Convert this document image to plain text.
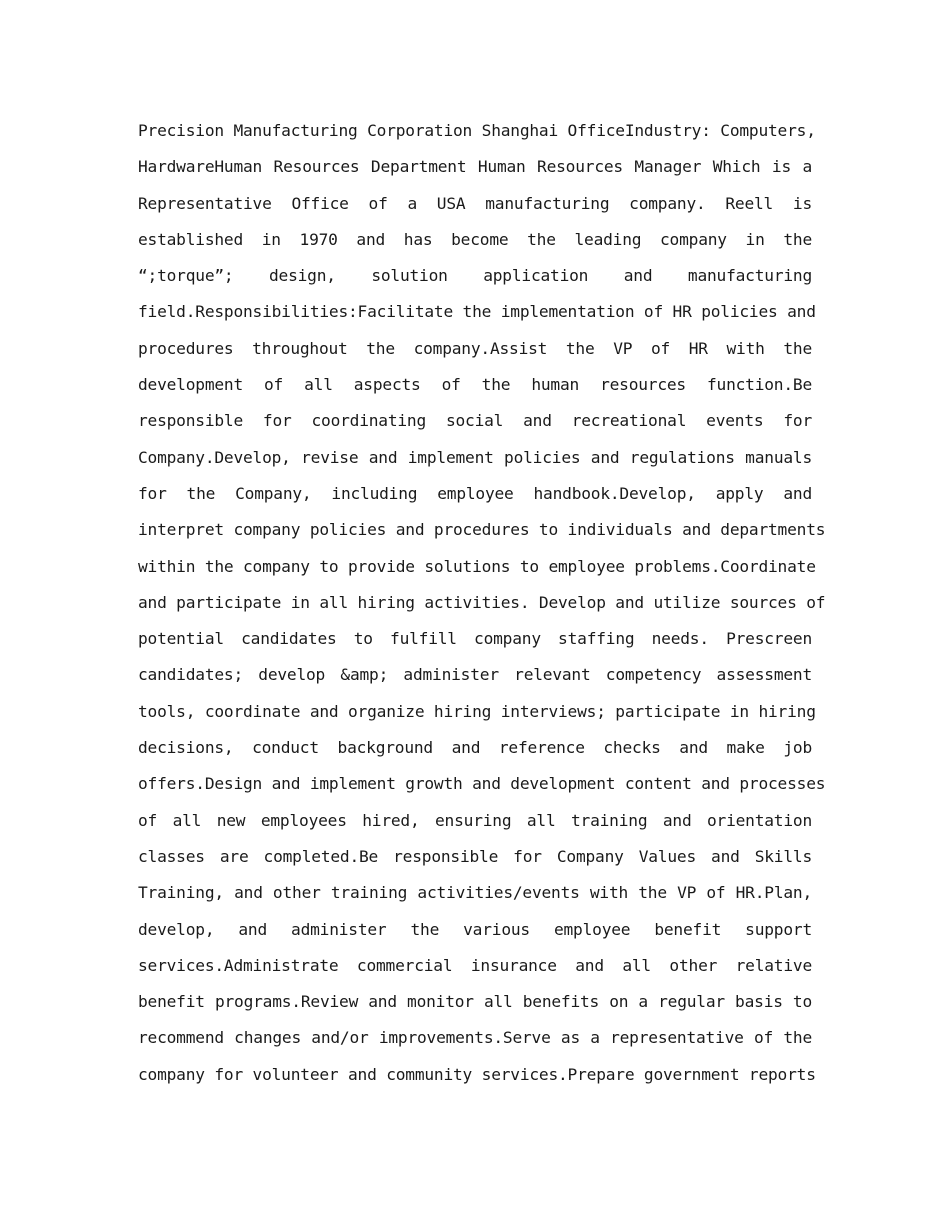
Precision Manufacturing Corporation Shanghai OfficeIndustry: Computers,
HardwareHuman Resources Department Human Resources Manager Which is a
Representative Office of a USA manufacturing company. Reell is
established in 1970 and has become the leading company in the
“;torque”; design, solution application and manufacturing
field.Responsibilities:Facilitate the implementation of HR policies and
procedures throughout the company.Assist the VP of HR with the
development of all aspects of the human resources function.Be
responsible for coordinating social and recreational events for
Company.Develop, revise and implement policies and regulations manuals
for the Company, including employee handbook.Develop, apply and
interpret company policies and procedures to individuals and departments
within the company to provide solutions to employee problems.Coordinate
and participate in all hiring activities. Develop and utilize sources of
potential candidates to fulfill company staffing needs. Prescreen
candidates; develop &amp; administer relevant competency assessment
tools, coordinate and organize hiring interviews; participate in hiring
decisions, conduct background and reference checks and make job
offers.Design and implement growth and development content and processes
of all new employees hired, ensuring all training and orientation
classes are completed.Be responsible for Company Values and Skills
Training, and other training activities/events with the VP of HR.Plan,
develop, and administer the various employee benefit support
services.Administrate commercial insurance and all other relative
benefit programs.Review and monitor all benefits on a regular basis to
recommend changes and/or improvements.Serve as a representative of the
company for volunteer and community services.Prepare government reports
